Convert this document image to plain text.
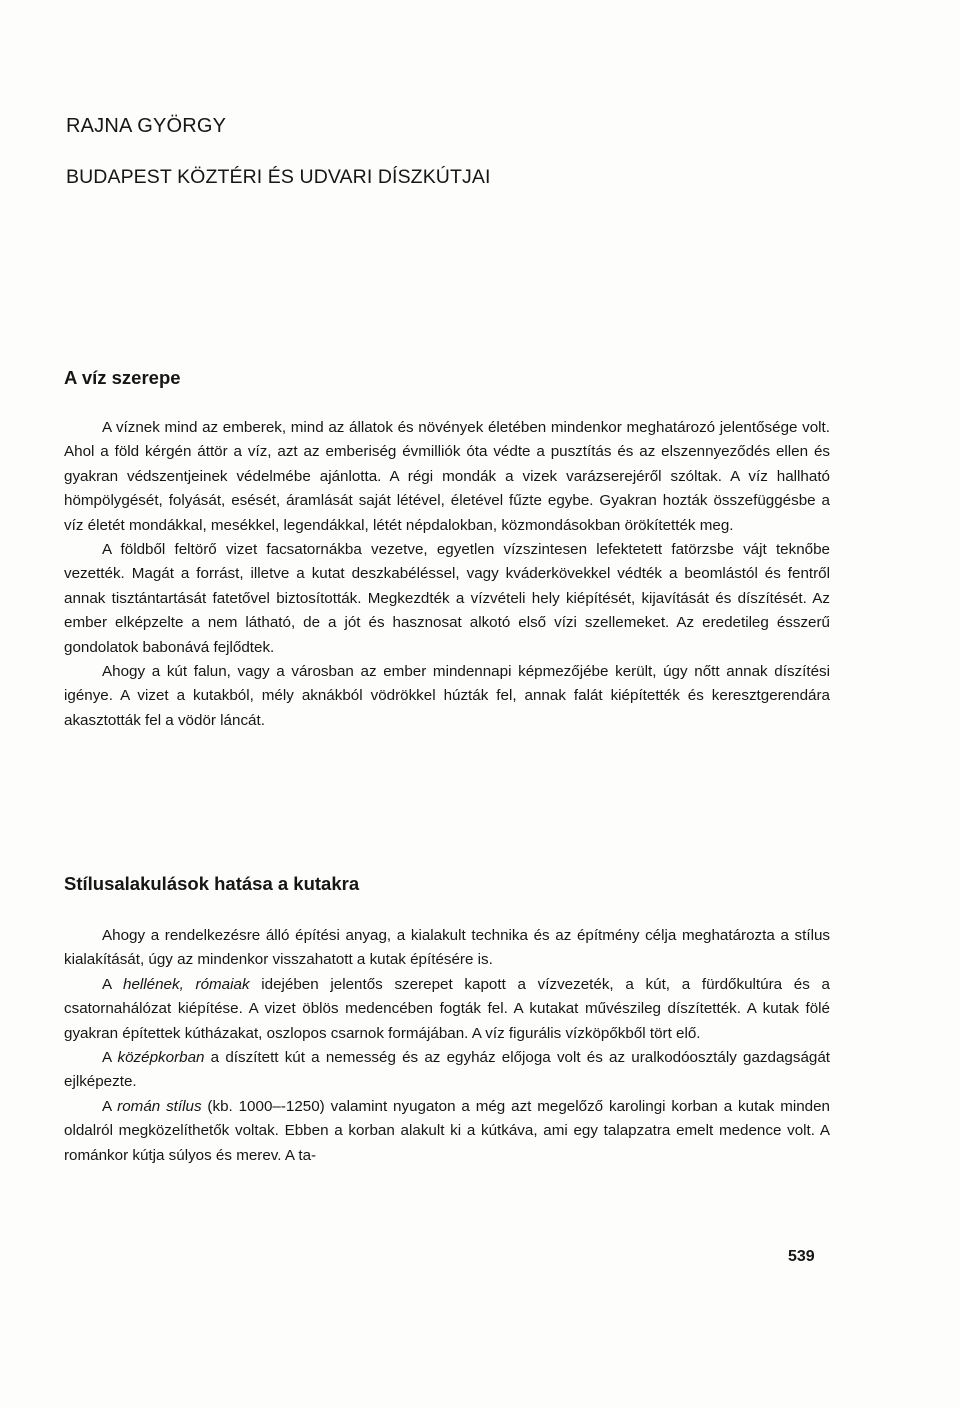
RAJNA GYÖRGY
BUDAPEST KÖZTÉRI ÉS UDVARI DÍSZKÚTJAI
A víz szerepe

A víznek mind az emberek, mind az állatok és növények életében mindenkor meghatározó jelentősége volt. Ahol a föld kérgén áttör a víz, azt az emberiség évmilliók óta védte a pusztítás és az elszennyeződés ellen és gyakran védszentjeinek védelmébe ajánlotta. A régi mondák a vizek varázserejéről szóltak. A víz hallható hömpölygését, folyását, esését, áramlását saját létével, életével fűzte egybe. Gyakran hozták összefüggésbe a víz életét mondákkal, mesékkel, legendákkal, létét népdalokban, közmondásokban örökítették meg.

A földből feltörő vizet facsatornákba vezetve, egyetlen vízszintesen lefektetett fatörzsbe vájt teknőbe vezették. Magát a forrást, illetve a kutat deszkabéléssel, vagy kváderkövekkel védték a beomlástól és fentről annak tisztántartását fatetővel biztosították. Megkezdték a vízvételi hely kiépítését, kijavítását és díszítését. Az ember elképzelte a nem látható, de a jót és hasznosat alkotó első vízi szellemeket. Az eredetileg ésszerű gondolatok babonává fejlődtek.

Ahogy a kút falun, vagy a városban az ember mindennapi képmezőjébe került, úgy nőtt annak díszítési igénye. A vizet a kutakból, mély aknákból vödrökkel húzták fel, annak falát kiépítették és keresztgerendára akasztották fel a vödör láncát.

Stílusalakulások hatása a kutakra

Ahogy a rendelkezésre álló építési anyag, a kialakult technika és az építmény célja meghatározta a stílus kialakítását, úgy az mindenkor visszahatott a kutak építésére is.

A hellének, rómaiak idejében jelentős szerepet kapott a vízvezeték, a kút, a fürdőkultúra és a csatornahálózat kiépítése. A vizet öblös medencében fogták fel. A kutakat művészileg díszítették. A kutak fölé gyakran építettek kútházakat, oszlopos csarnok formájában. A víz figurális vízköpőkből tört elő.

A középkorban a díszített kút a nemesség és az egyház előjoga volt és az uralkodóosztály gazdagságát ejlképezte.

A román stílus (kb. 1000–-1250) valamint nyugaton a még azt megelőző karolingi korban a kutak minden oldalról megközelíthetők voltak. Ebben a korban alakult ki a kútkáva, ami egy talapzatra emelt medence volt. A románkor kútja súlyos és merev. A ta-

539
